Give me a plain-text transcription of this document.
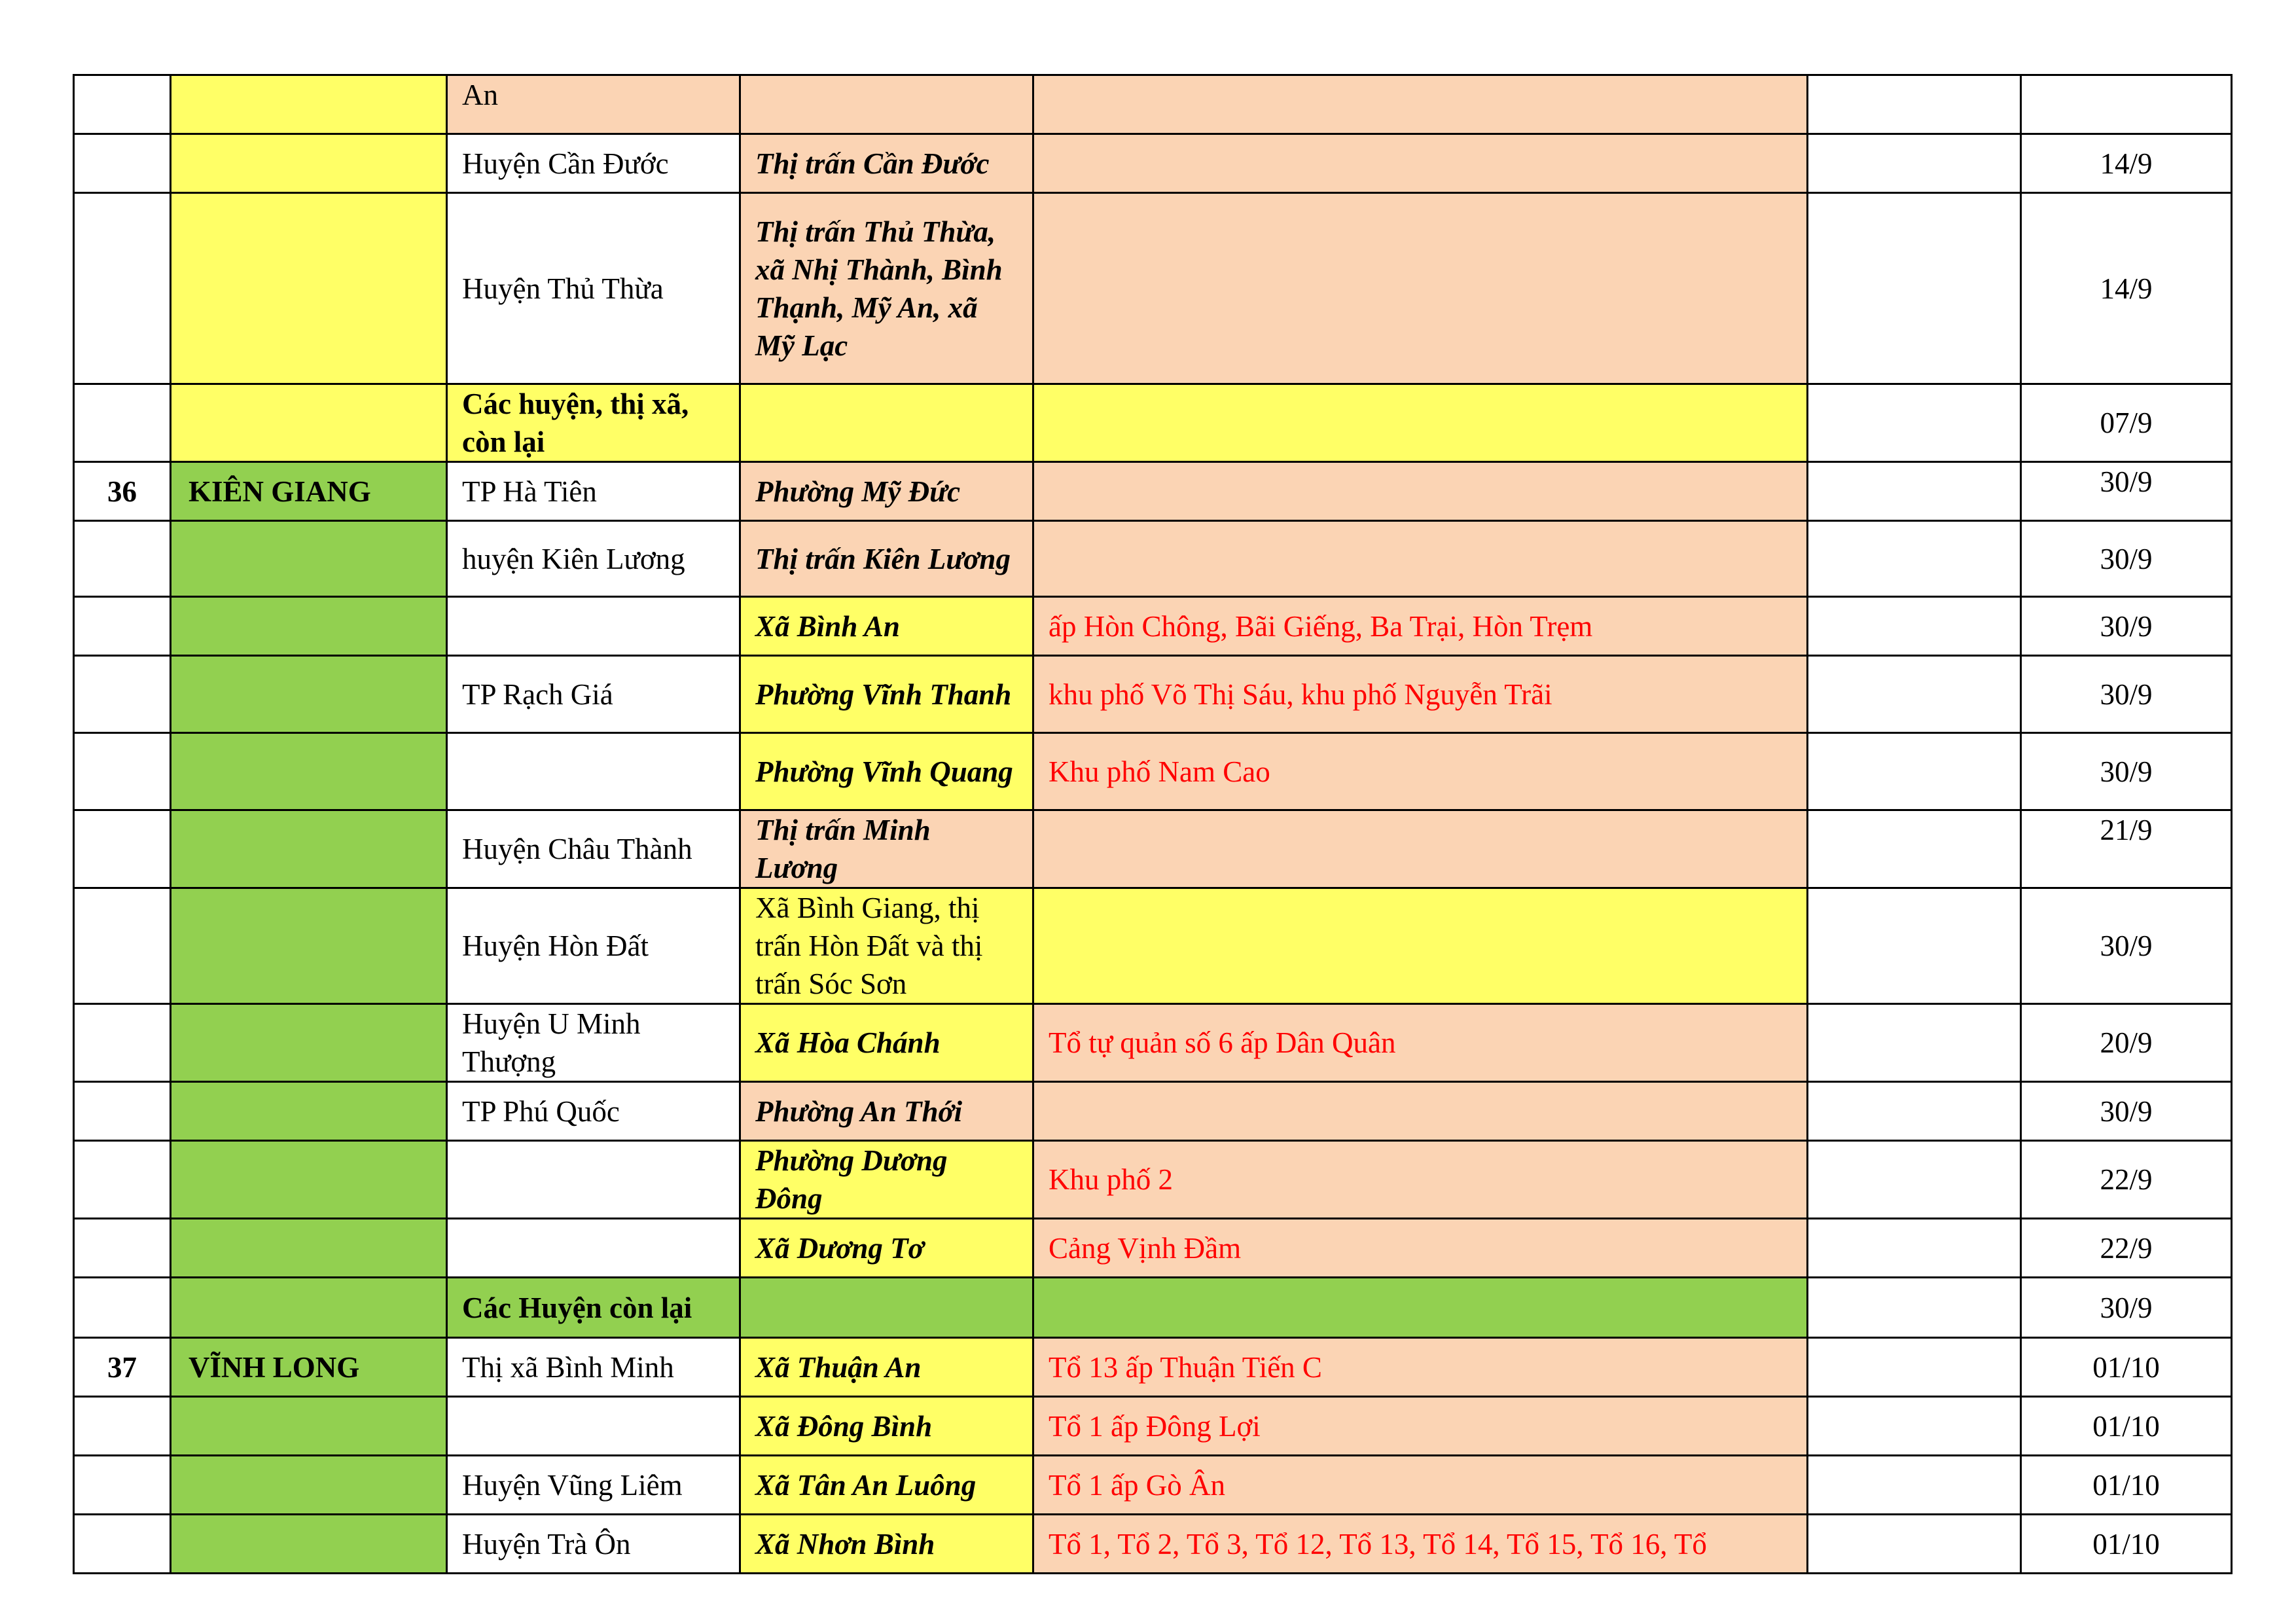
		An				
		Huyện Cần Đước	Thị trấn Cần Đước			14/9
		Huyện Thủ Thừa	Thị trấn Thủ Thừa, xã Nhị Thành, Bình Thạnh, Mỹ An, xã Mỹ Lạc			14/9
		Các huyện, thị xã, còn lại				07/9
36	KIÊN GIANG	TP Hà Tiên	Phường Mỹ Đức			30/9
		huyện Kiên Lương	Thị trấn Kiên Lương			30/9
			Xã Bình An	ấp Hòn Chông, Bãi Giếng, Ba Trại, Hòn Trẹm		30/9
		TP Rạch Giá	Phường Vĩnh Thanh	khu phố Võ Thị Sáu, khu phố Nguyễn Trãi		30/9
			Phường Vĩnh Quang	Khu phố Nam Cao		30/9
		Huyện Châu Thành	Thị trấn Minh Lương			21/9
		Huyện Hòn Đất	Xã Bình Giang, thị trấn Hòn Đất và thị trấn Sóc Sơn			30/9
		Huyện U Minh Thượng	Xã Hòa Chánh	Tổ tự quản số 6 ấp Dân Quân		20/9
		TP Phú Quốc	Phường An Thới			30/9
			Phường Dương Đông	Khu phố 2		22/9
			Xã Dương Tơ	Cảng Vịnh Đầm		22/9
		Các Huyện còn lại				30/9
37	VĨNH LONG	Thị xã Bình Minh	Xã Thuận An	Tổ 13 ấp Thuận Tiến C		01/10
			Xã Đông Bình	Tổ 1 ấp Đông Lợi		01/10
		Huyện Vũng Liêm	Xã Tân An Luông	Tổ 1 ấp Gò Ân		01/10
		Huyện Trà Ôn	Xã Nhơn Bình	Tổ 1, Tổ 2, Tổ 3, Tổ 12, Tổ 13, Tổ 14, Tổ 15, Tổ 16, Tổ		01/10
